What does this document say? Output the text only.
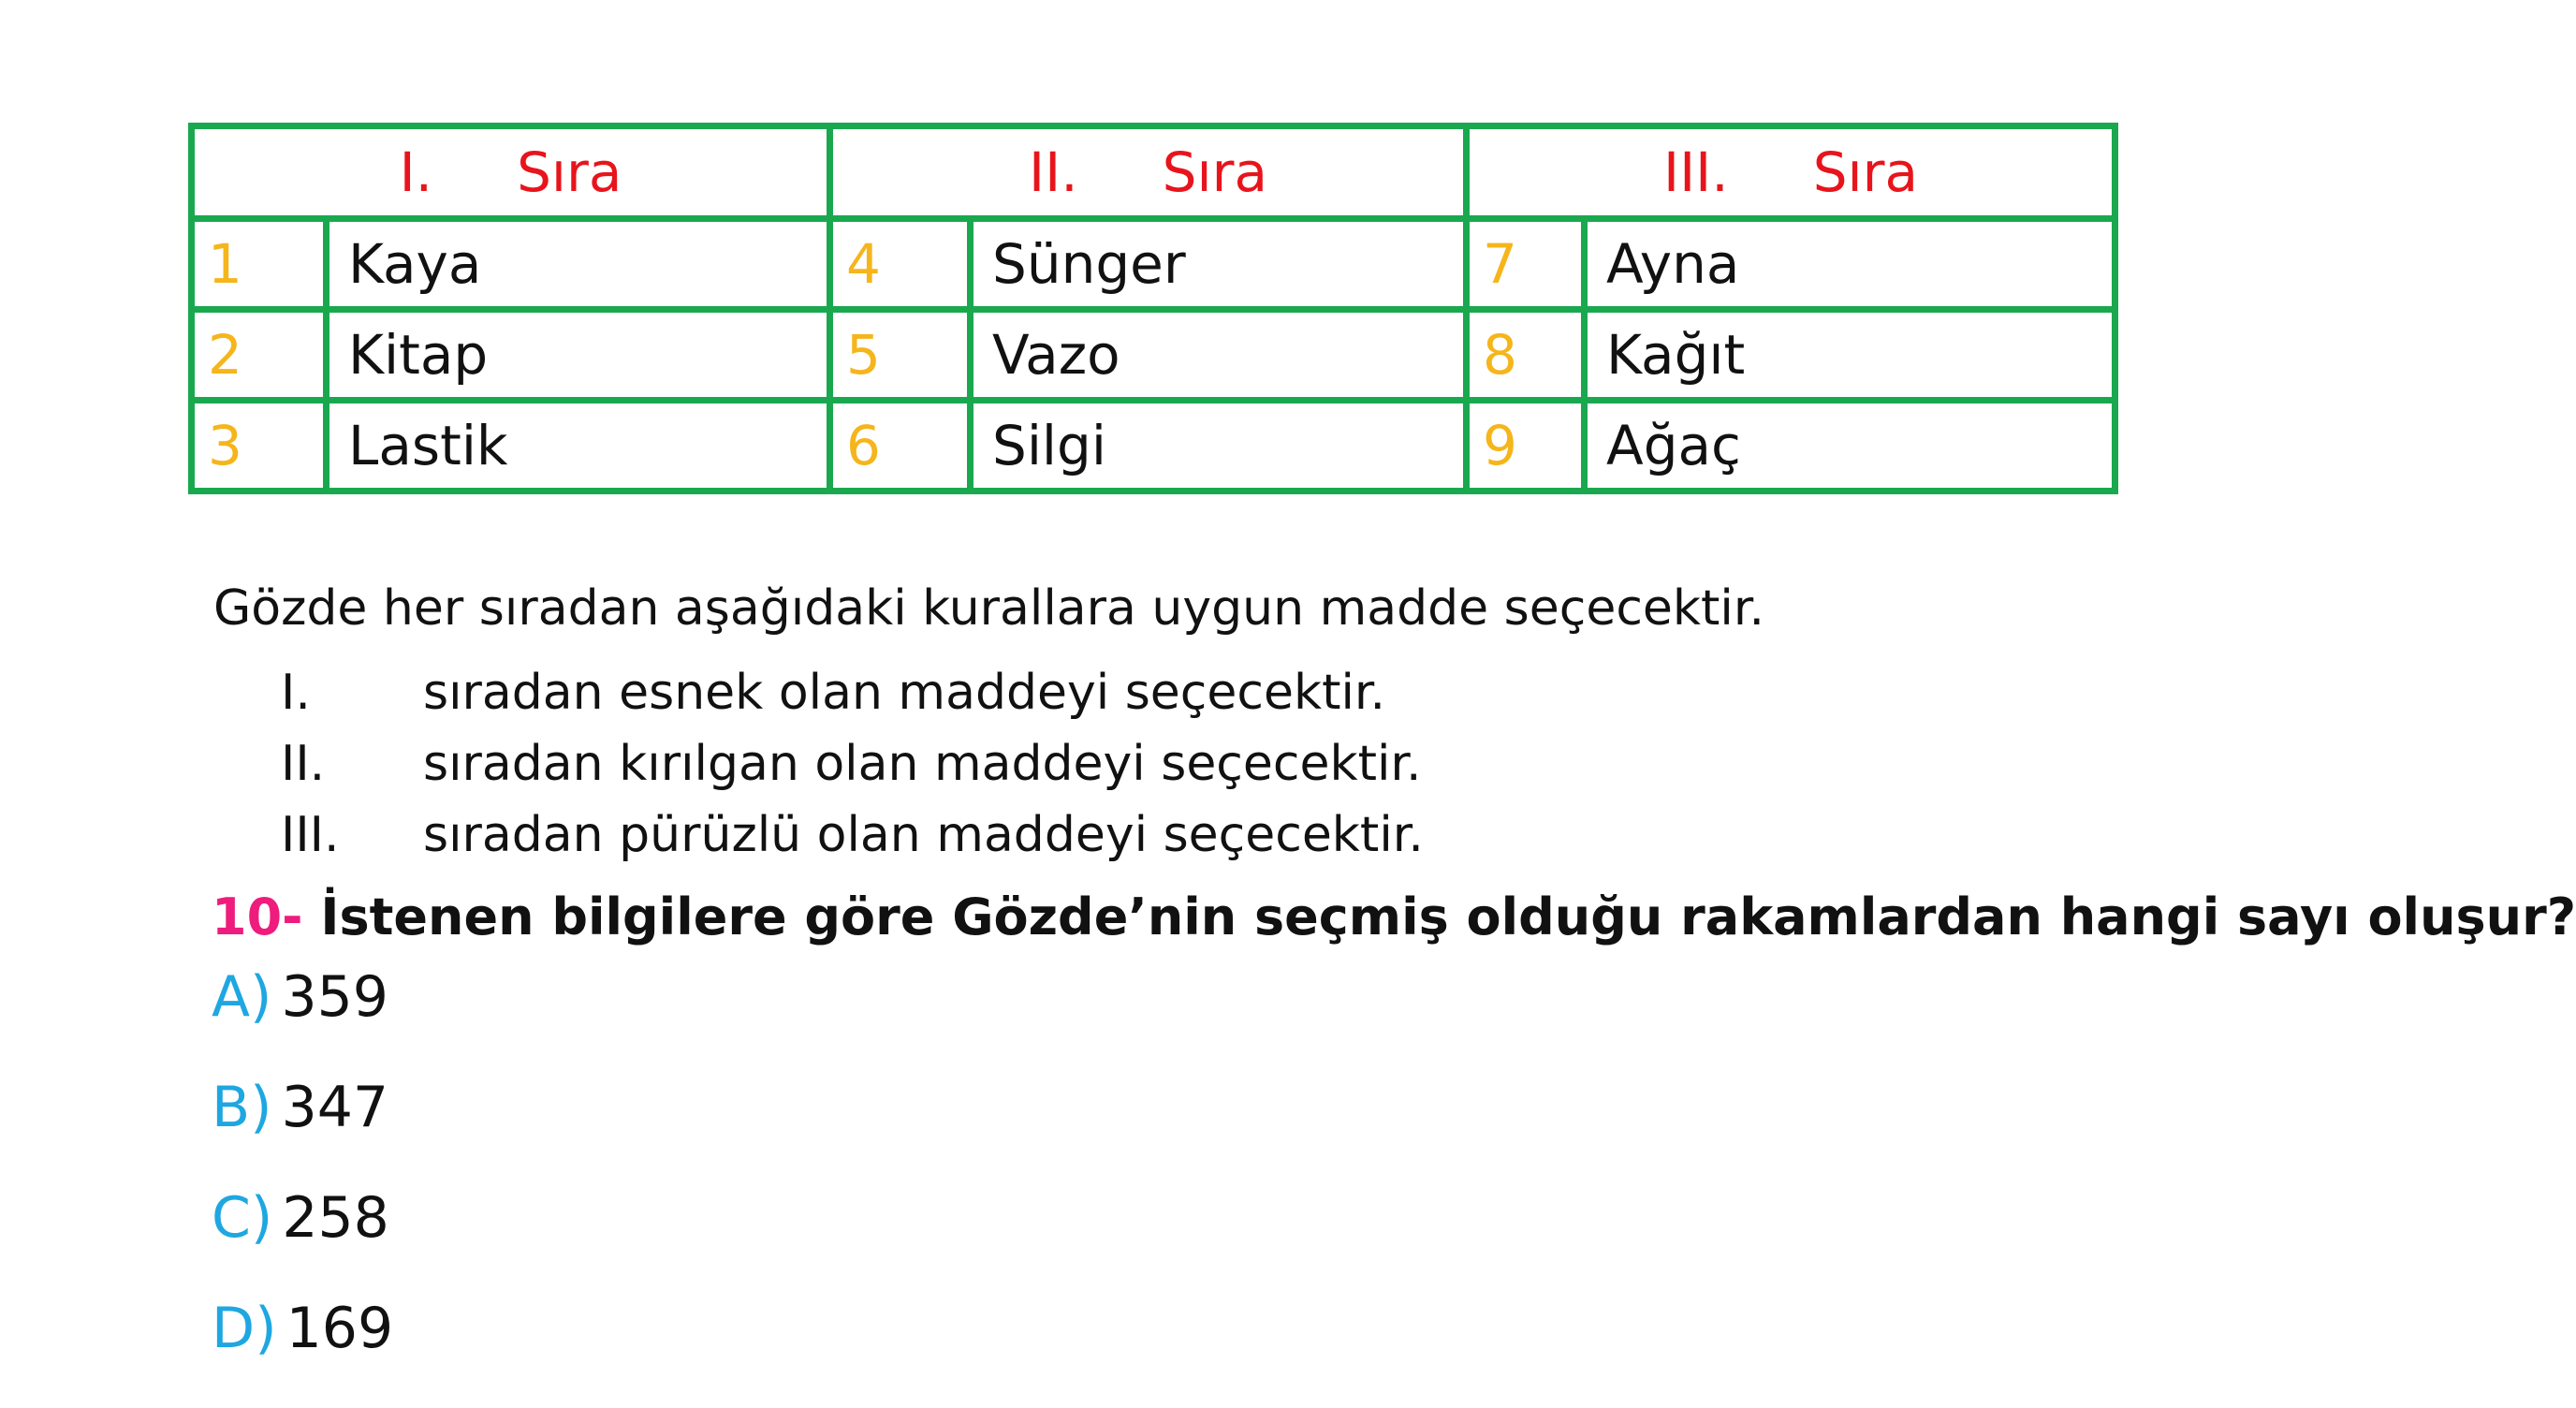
I. Sıra		II. Sıra		III. Sıra	
1	Kaya	4	Sünger	7	Ayna
2	Kitap	5	Vazo	8	Kağıt
3	Lastik	6	Silgi	9	Ağaç
Gözde her sıradan aşağıdaki kurallara uygun madde seçecektir.
I. sıradan esnek olan maddeyi seçecektir.
II. sıradan kırılgan olan maddeyi seçecektir.
III. sıradan pürüzlü olan maddeyi seçecektir.
10- İstenen bilgilere göre Gözde’nin seçmiş olduğu rakamlardan hangi sayı oluşur?
A) 359
B) 347
C) 258
D) 169
